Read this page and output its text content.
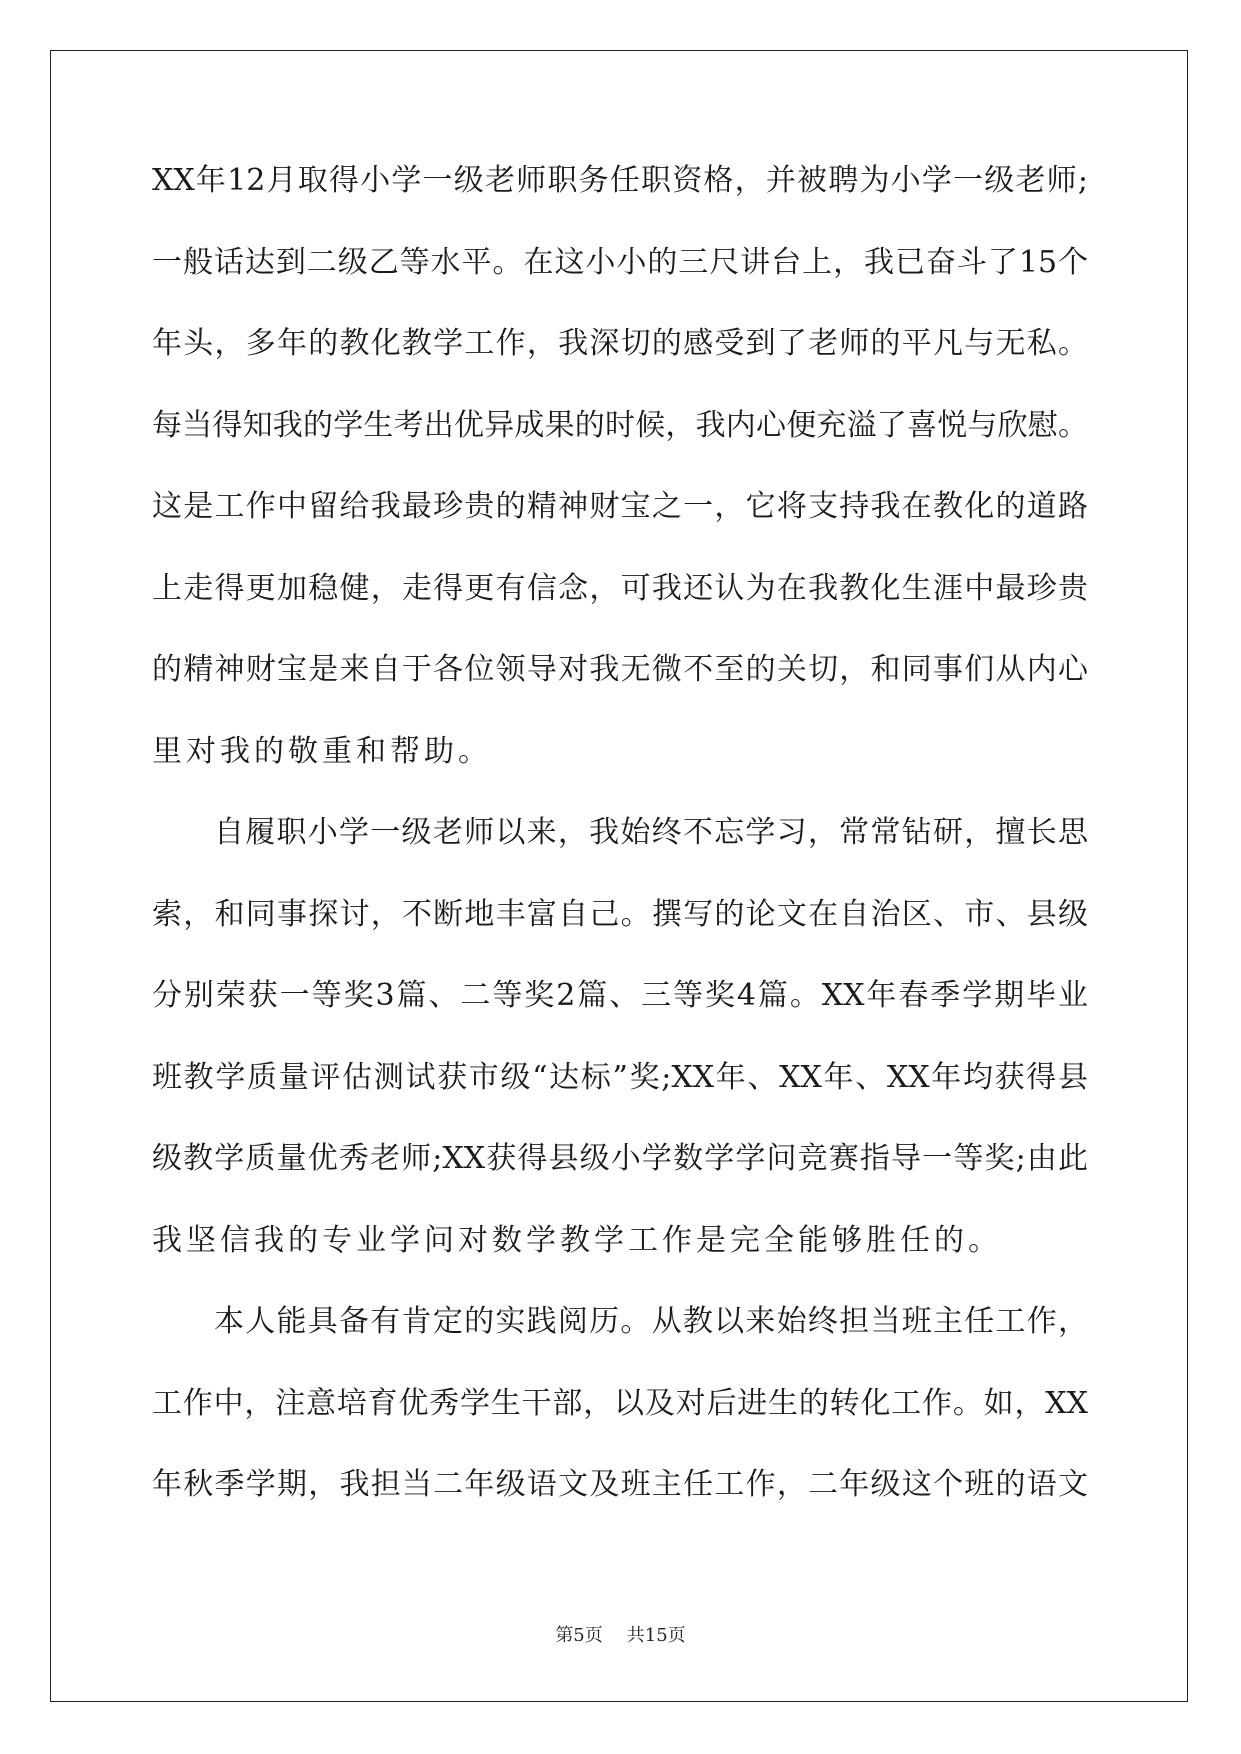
XX年12月取得小学一级老师职务任职资格，并被聘为小学一级老师;
一般话达到二级乙等水平。在这小小的三尺讲台上，我已奋斗了15个
年头，多年的教化教学工作，我深切的感受到了老师的平凡与无私。
每当得知我的学生考出优异成果的时候，我内心便充溢了喜悦与欣慰。
这是工作中留给我最珍贵的精神财宝之一，它将支持我在教化的道路
上走得更加稳健，走得更有信念，可我还认为在我教化生涯中最珍贵
的精神财宝是来自于各位领导对我无微不至的关切，和同事们从内心
里对我的敬重和帮助。
自履职小学一级老师以来，我始终不忘学习，常常钻研，擅长思
索，和同事探讨，不断地丰富自己。撰写的论文在自治区、市、县级
分别荣获一等奖3篇、二等奖2篇、三等奖4篇。XX年春季学期毕业
班教学质量评估测试获市级“达标”奖;XX年、XX年、XX年均获得县
级教学质量优秀老师;XX获得县级小学数学学问竞赛指导一等奖;由此
我坚信我的专业学问对数学教学工作是完全能够胜任的。
本人能具备有肯定的实践阅历。从教以来始终担当班主任工作，
工作中，注意培育优秀学生干部，以及对后进生的转化工作。如，XX
年秋季学期，我担当二年级语文及班主任工作，二年级这个班的语文
第5页 共15页
